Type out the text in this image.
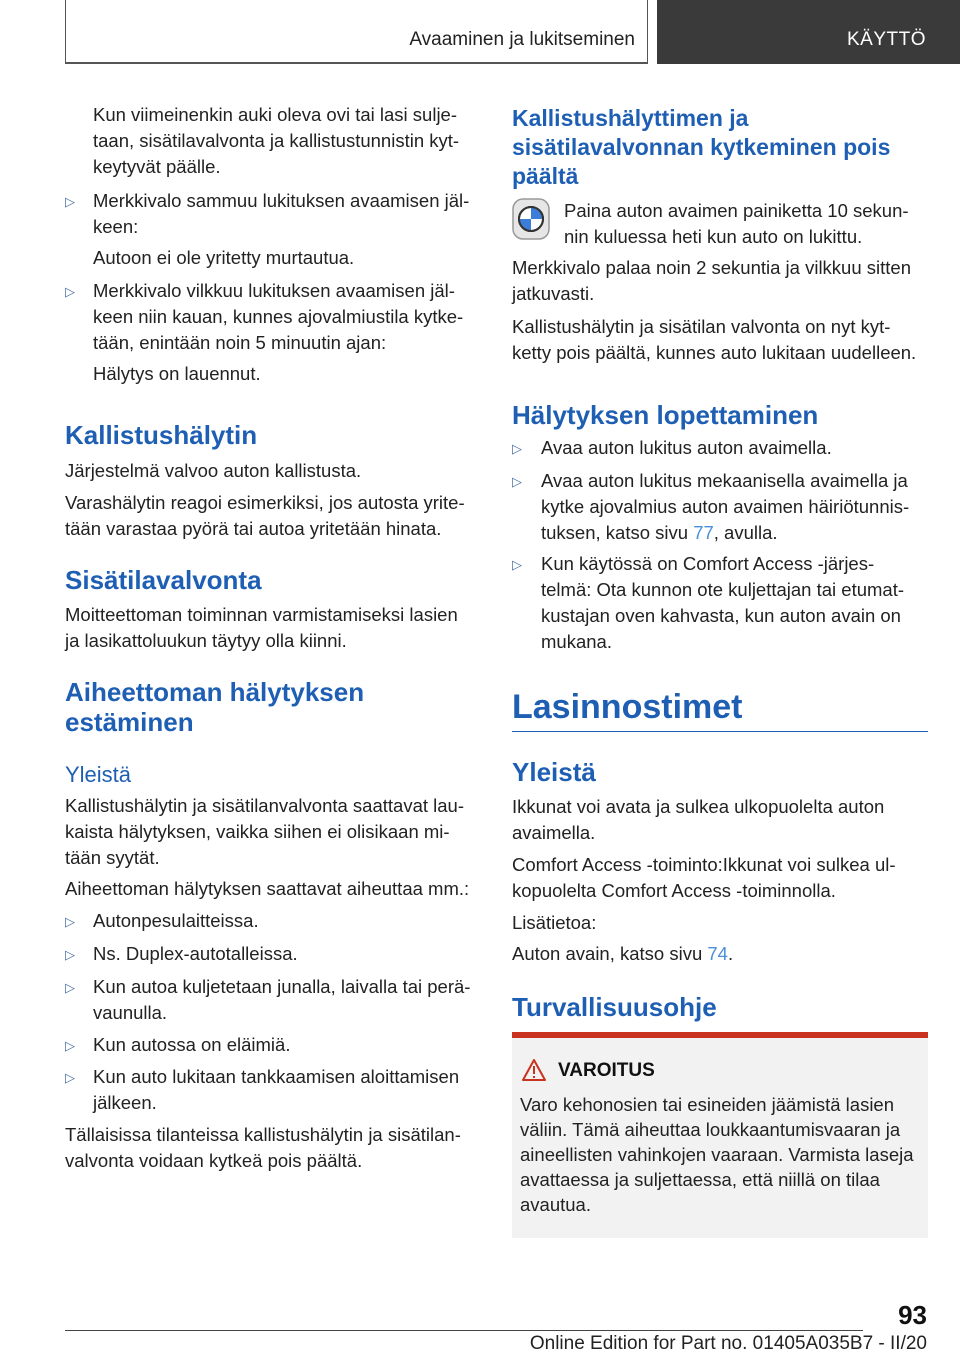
Avaaminen ja lukitseminen	KÄYTTÖ
Kun viimeinenkin auki oleva ovi tai lasi sulje-
taan, sisätilavalvonta ja kallistustunnistin kyt-
keytyvät päälle.
▷ Merkkivalo sammuu lukituksen avaamisen jäl-
keen:
Autoon ei ole yritetty murtautua.
▷ Merkkivalo vilkkuu lukituksen avaamisen jäl-
keen niin kauan, kunnes ajovalmiustila kytke-
tään, enintään noin 5 minuutin ajan:
Hälytys on lauennut.
Kallistushälytin
Järjestelmä valvoo auton kallistusta.
Varashälytin reagoi esimerkiksi, jos autosta yrite-
tään varastaa pyörä tai autoa yritetään hinata.
Sisätilavalvonta
Moitteettoman toiminnan varmistamiseksi lasien
ja lasikattoluukun täytyy olla kiinni.
Aiheettoman hälytyksen
estäminen
Yleistä
Kallistushälytin ja sisätilanvalvonta saattavat lau-
kaista hälytyksen, vaikka siihen ei olisikaan mi-
tään syytät.
Aiheettoman hälytyksen saattavat aiheuttaa mm.:
▷ Autonpesulaitteissa.
▷ Ns. Duplex-autotalleissa.
▷ Kun autoa kuljetetaan junalla, laivalla tai perä-
vaunulla.
▷ Kun autossa on eläimiä.
▷ Kun auto lukitaan tankkaamisen aloittamisen
jälkeen.
Tällaisissa tilanteissa kallistushälytin ja sisätilan-
valvonta voidaan kytkeä pois päältä.
Kallistushälyttimen ja
sisätilavalvonnan kytkeminen pois
päältä
Paina auton avaimen painiketta 10 sekun-
nin kuluessa heti kun auto on lukittu.
Merkkivalo palaa noin 2 sekuntia ja vilkkuu sitten
jatkuvasti.
Kallistushälytin ja sisätilan valvonta on nyt kyt-
ketty pois päältä, kunnes auto lukitaan uudelleen.
Hälytyksen lopettaminen
▷ Avaa auton lukitus auton avaimella.
▷ Avaa auton lukitus mekaanisella avaimella ja
kytke ajovalmius auton avaimen häiriötunnis-
tuksen, katso sivu 77, avulla.
▷ Kun käytössä on Comfort Access -järjes-
telmä: Ota kunnon ote kuljettajan tai etumat-
kustajan oven kahvasta, kun auton avain on
mukana.
Lasinnostimet
Yleistä
Ikkunat voi avata ja sulkea ulkopuolelta auton
avaimella.
Comfort Access -toiminto:Ikkunat voi sulkea ul-
kopuolelta Comfort Access -toiminnolla.
Lisätietoa:
Auton avain, katso sivu 74.
Turvallisuusohje
VAROITUS
Varo kehonosien tai esineiden jäämistä lasien
väliin. Tämä aiheuttaa loukkaantumisvaaran ja
aineellisten vahinkojen vaaraan. Varmista laseja
avattaessa ja suljettaessa, että niillä on tilaa
avautua.
93
Online Edition for Part no. 01405A035B7 - II/20
